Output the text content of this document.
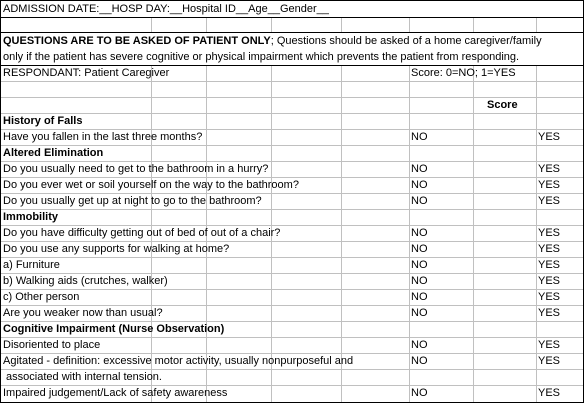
ADMISSION DATE:__HOSP DAY:__Hospital ID__Age__Gender__
QUESTIONS ARE TO BE ASKED OF PATIENT ONLY; Questions should be asked of a home caregiver/family
only if the patient has severe cognitive or physical impairment which prevents the patient from responding.
RESPONDANT: Patient Caregiver	Score: 0=NO; 1=YES
Score
History of Falls
Have you fallen in the last three months?	NO	YES
Altered Elimination
Do you usually need to get to the bathroom in a hurry?	NO	YES
Do you ever wet or soil yourself on the way to the bathroom?	NO	YES
Do you usually get up at night to go to the bathroom?	NO	YES
Immobility
Do you have difficulty getting out of bed of out of a chair?	NO	YES
Do you use any supports for walking at home?	NO	YES
a) Furniture	NO	YES
b) Walking aids (crutches, walker)	NO	YES
c) Other person	NO	YES
Are you weaker now than usual?	NO	YES
Cognitive Impairment (Nurse Observation)
Disoriented to place	NO	YES
Agitated - definition: excessive motor activity, usually nonpurposeful and	NO	YES
associated with internal tension.
Impaired judgement/Lack of safety awareness	NO	YES
